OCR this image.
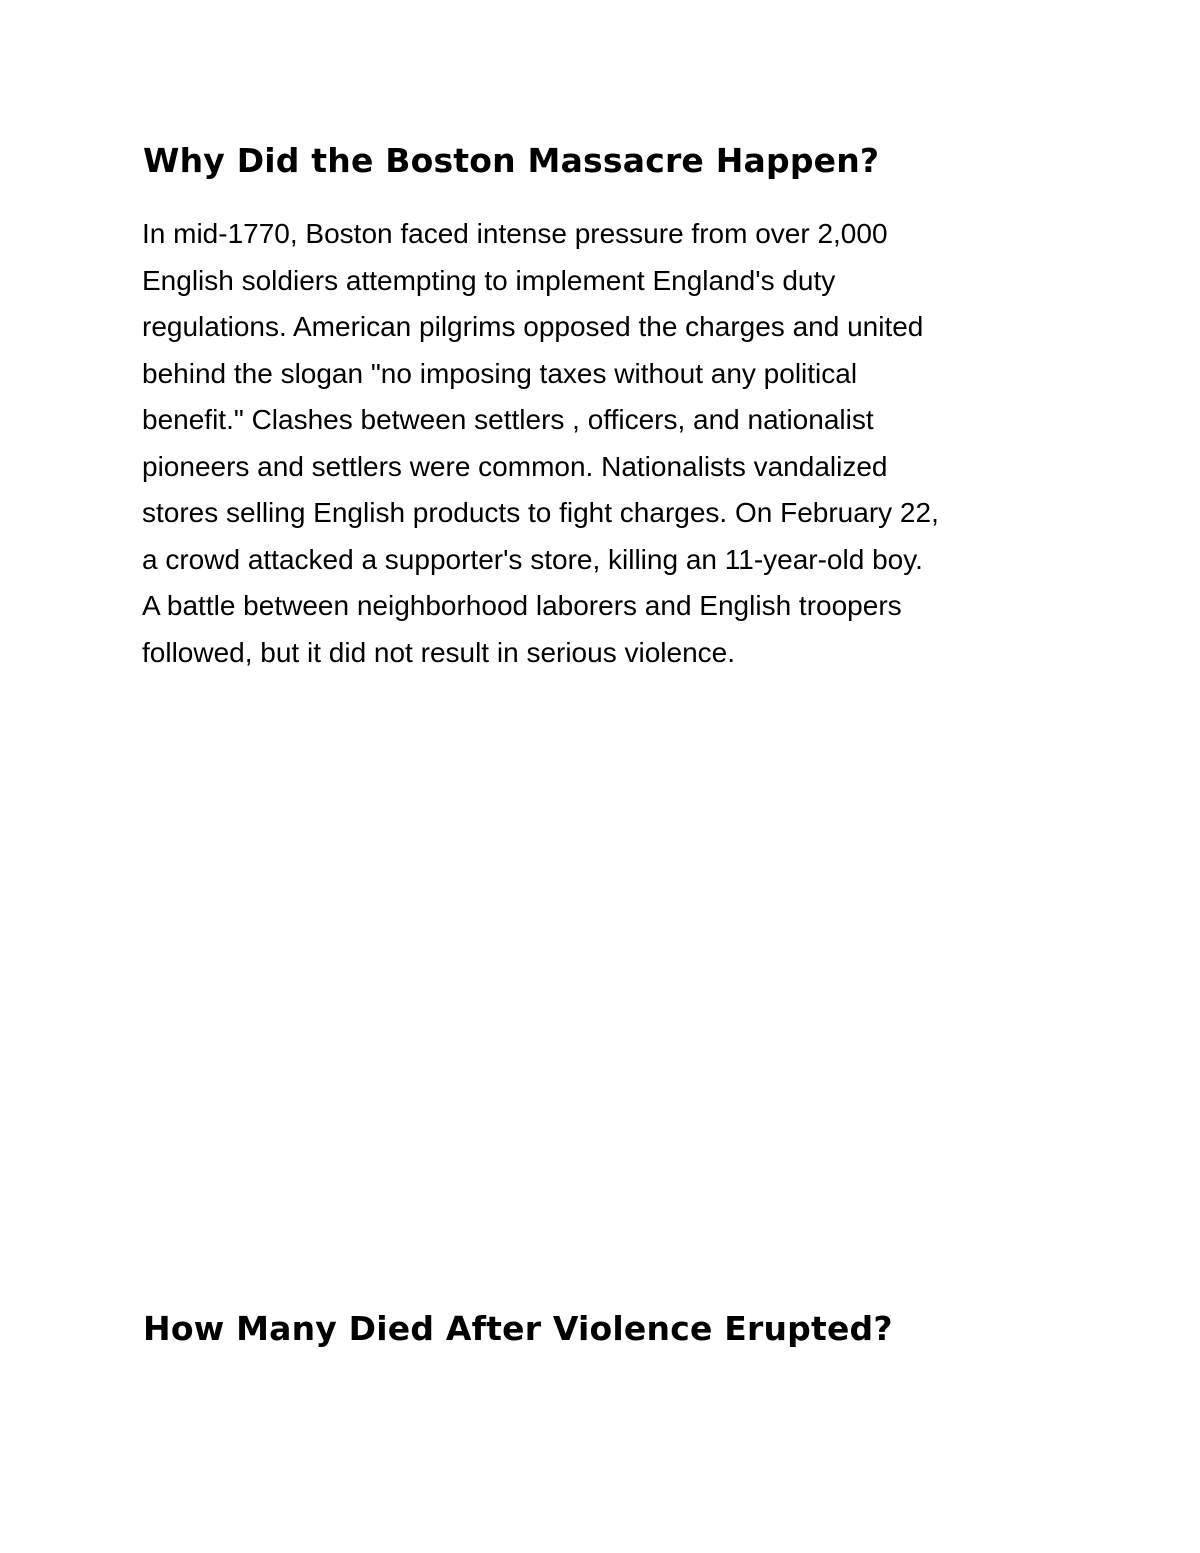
Why Did the Boston Massacre Happen?

In mid-1770, Boston faced intense pressure from over 2,000
English soldiers attempting to implement England's duty
regulations. American pilgrims opposed the charges and united
behind the slogan "no imposing taxes without any political
benefit." Clashes between settlers , officers, and nationalist
pioneers and settlers were common. Nationalists vandalized
stores selling English products to fight charges. On February 22,
a crowd attacked a supporter's store, killing an 11-year-old boy.
A battle between neighborhood laborers and English troopers
followed, but it did not result in serious violence.

How Many Died After Violence Erupted?
